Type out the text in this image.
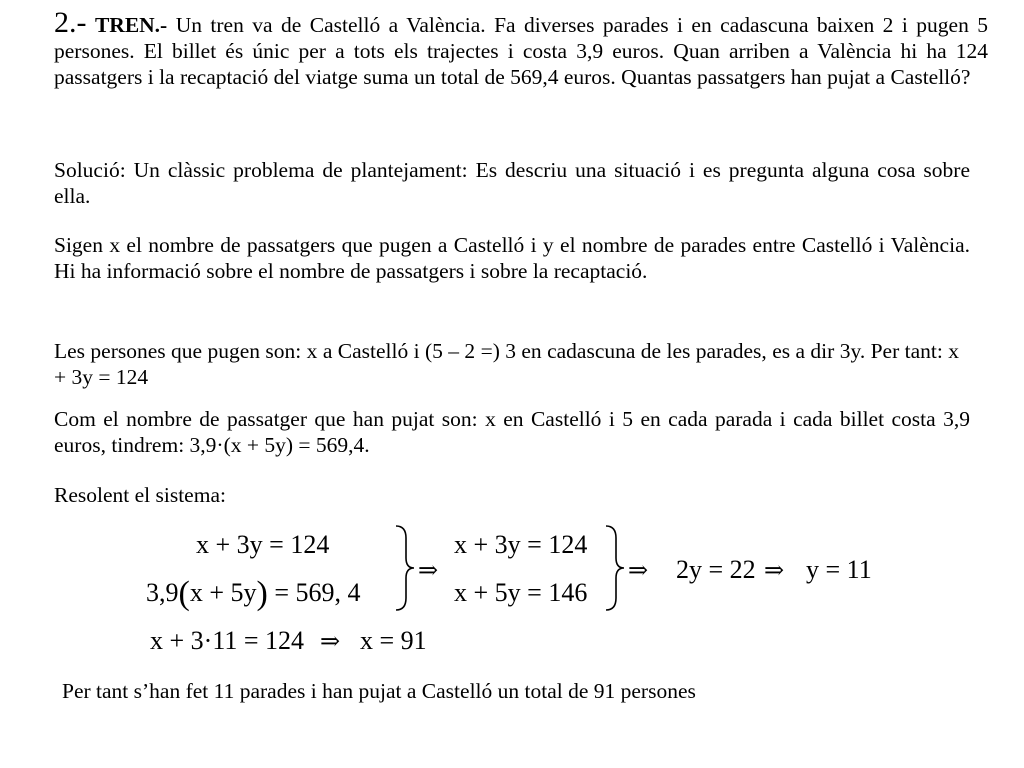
2.- TREN.- Un tren va de Castelló a València. Fa diverses parades i en cadascuna baixen 2 i pugen 5 persones. El billet és únic per a tots els trajectes i costa 3,9 euros. Quan arriben a València hi ha 124 passatgers i la recaptació del viatge suma un total de 569,4 euros. Quantas passatgers han pujat a Castelló?

Solució: Un clàssic problema de plantejament: Es descriu una situació i es pregunta alguna cosa sobre ella.

Sigen x el nombre de passatgers que pugen a Castelló i y el nombre de parades entre Castelló i València. Hi ha informació sobre el nombre de passatgers i sobre la recaptació.

Les persones que pugen son: x a Castelló i (5 – 2 =) 3 en cadascuna de les parades, es a dir 3y. Per tant: x + 3y = 124

Com el nombre de passatger que han pujat son: x en Castelló i 5 en cada parada i cada billet costa 3,9 euros, tindrem: 3,9·(x + 5y) = 569,4.

Resolent el sistema:

x + 3y = 124
3,9(x + 5y) = 569, 4
⇒
x + 3y = 124
x + 5y = 146
⇒ 2y = 22 ⇒ y = 11
x + 3·11 = 124 ⇒ x = 91

Per tant s’han fet 11 parades i han pujat a Castelló un total de 91 persones
